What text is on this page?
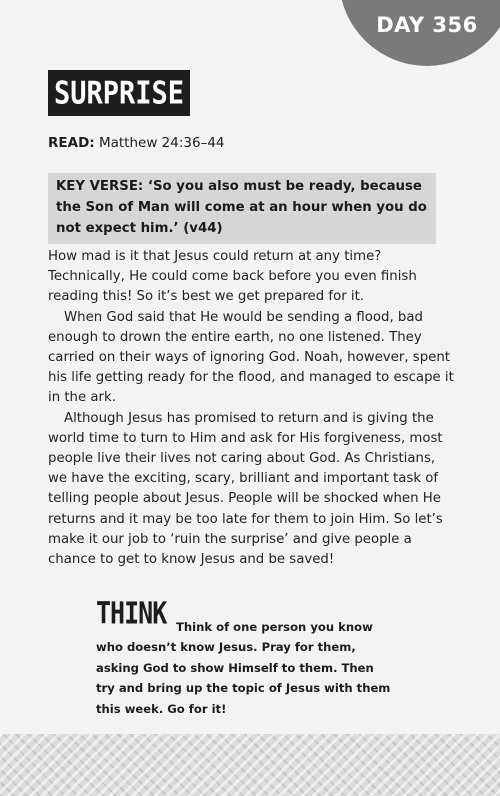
DAY 356
SURPRISE
READ: Matthew 24:36–44
KEY VERSE: ‘So you also must be ready, because the Son of Man will come at an hour when you do not expect him.’ (v44)

How mad is it that Jesus could return at any time? Technically, He could come back before you even finish reading this! So it’s best we get prepared for it.

When God said that He would be sending a flood, bad enough to drown the entire earth, no one listened. They carried on their ways of ignoring God. Noah, however, spent his life getting ready for the flood, and managed to escape it in the ark.

Although Jesus has promised to return and is giving the world time to turn to Him and ask for His forgiveness, most people live their lives not caring about God. As Christians, we have the exciting, scary, brilliant and important task of telling people about Jesus. People will be shocked when He returns and it may be too late for them to join Him. So let’s make it our job to ‘ruin the surprise’ and give people a chance to get to know Jesus and be saved!

THINK Think of one person you know who doesn’t know Jesus. Pray for them, asking God to show Himself to them. Then try and bring up the topic of Jesus with them this week. Go for it!
